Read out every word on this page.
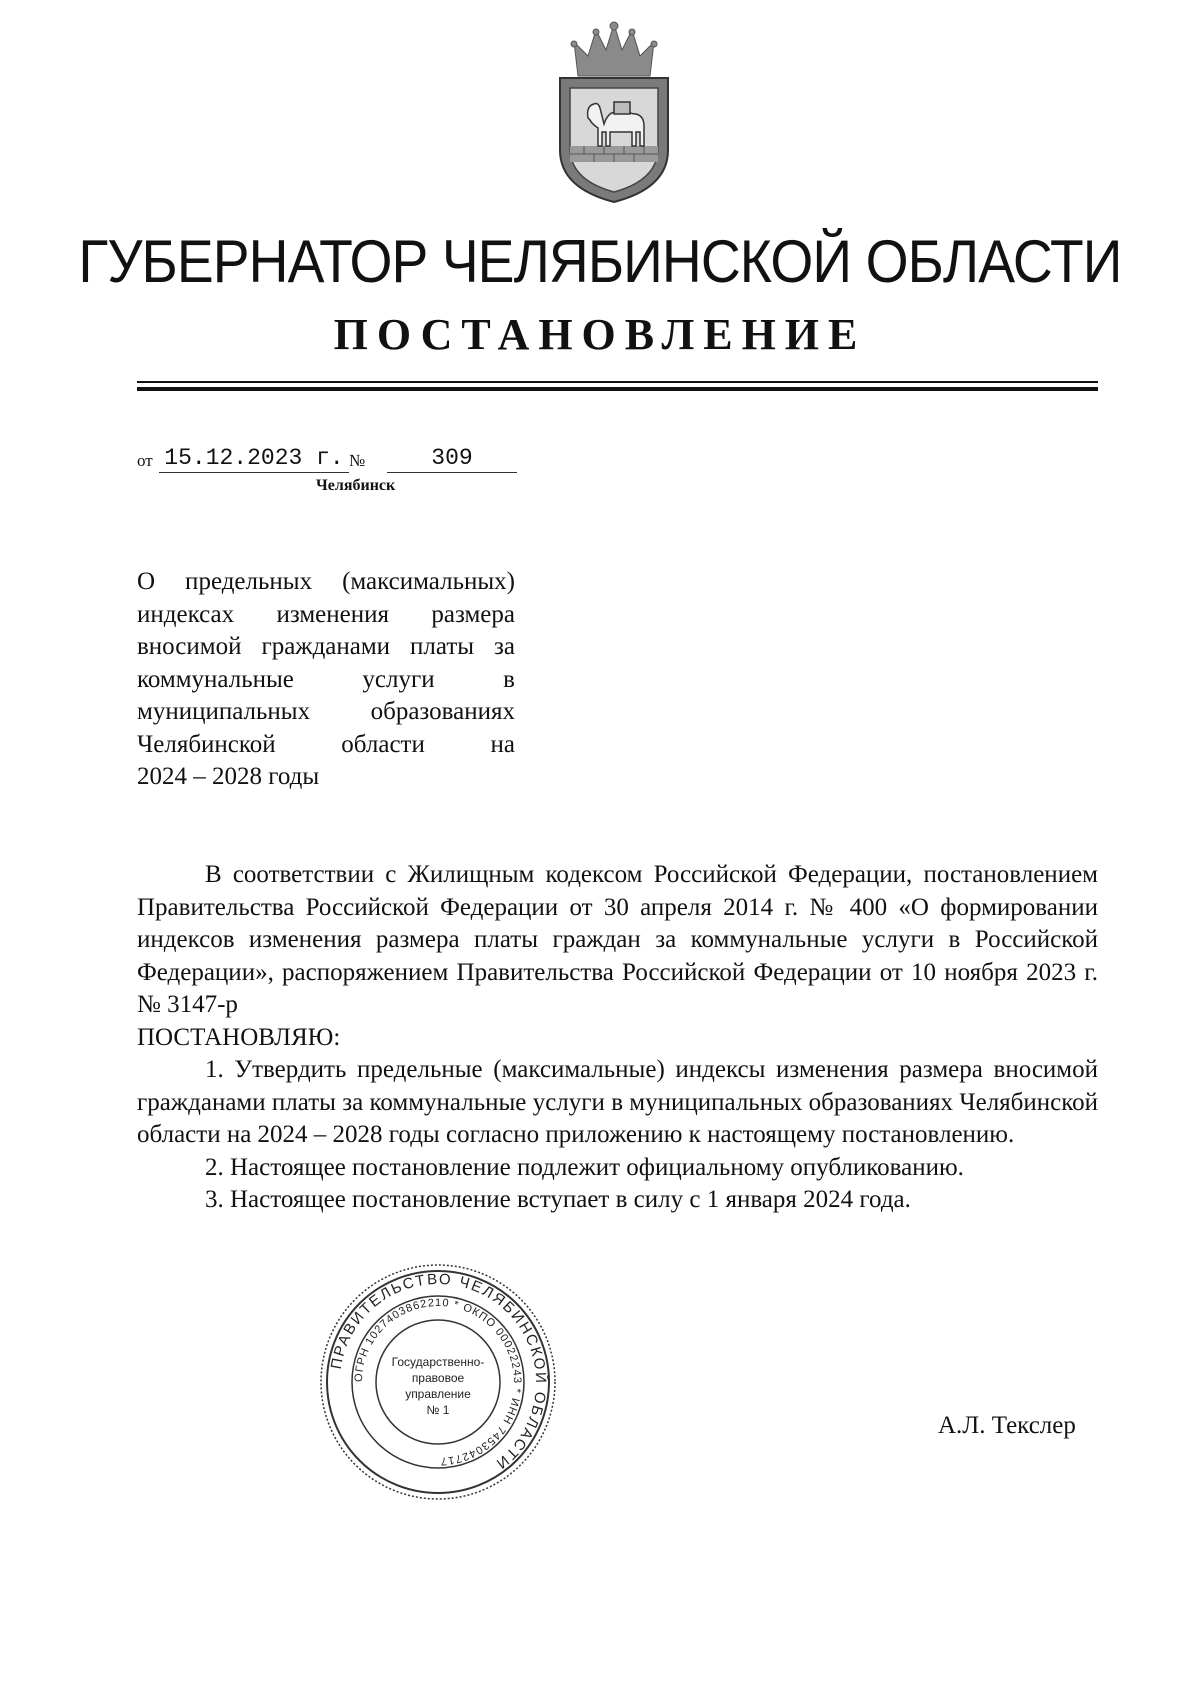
ГУБЕРНАТОР ЧЕЛЯБИНСКОЙ ОБЛАСТИ
ПОСТАНОВЛЕНИЕ
от 15.12.2023 г. №	309

Челябинск

О предельных (максимальных) индексах изменения размера вносимой гражданами платы за коммунальные услуги в муниципальных образованиях Челябинской области на
2024 – 2028 годы

В соответствии с Жилищным кодексом Российской Федерации, постановлением Правительства Российской Федерации от 30 апреля 2014 г. № 400 «О формировании индексов изменения размера платы граждан за коммунальные услуги в Российской Федерации», распоряжением Правительства Российской Федерации от 10 ноября 2023 г. № 3147-р

ПОСТАНОВЛЯЮ:

1. Утвердить предельные (максимальные) индексы изменения размера вносимой гражданами платы за коммунальные услуги в муниципальных образованиях Челябинской области на 2024 – 2028 годы согласно приложению к настоящему постановлению.

2. Настоящее постановление подлежит официальному опубликованию.

3. Настоящее постановление вступает в силу с 1 января 2024 года.

ПРАВИТЕЛЬСТВО ЧЕЛЯБИНСКОЙ ОБЛАСТИ
ОГРН 1027403862210 * ОКПО 00022243 * ИНН 7453042717
Государственно-
правовое
управление
№ 1

А.Л. Текслер
